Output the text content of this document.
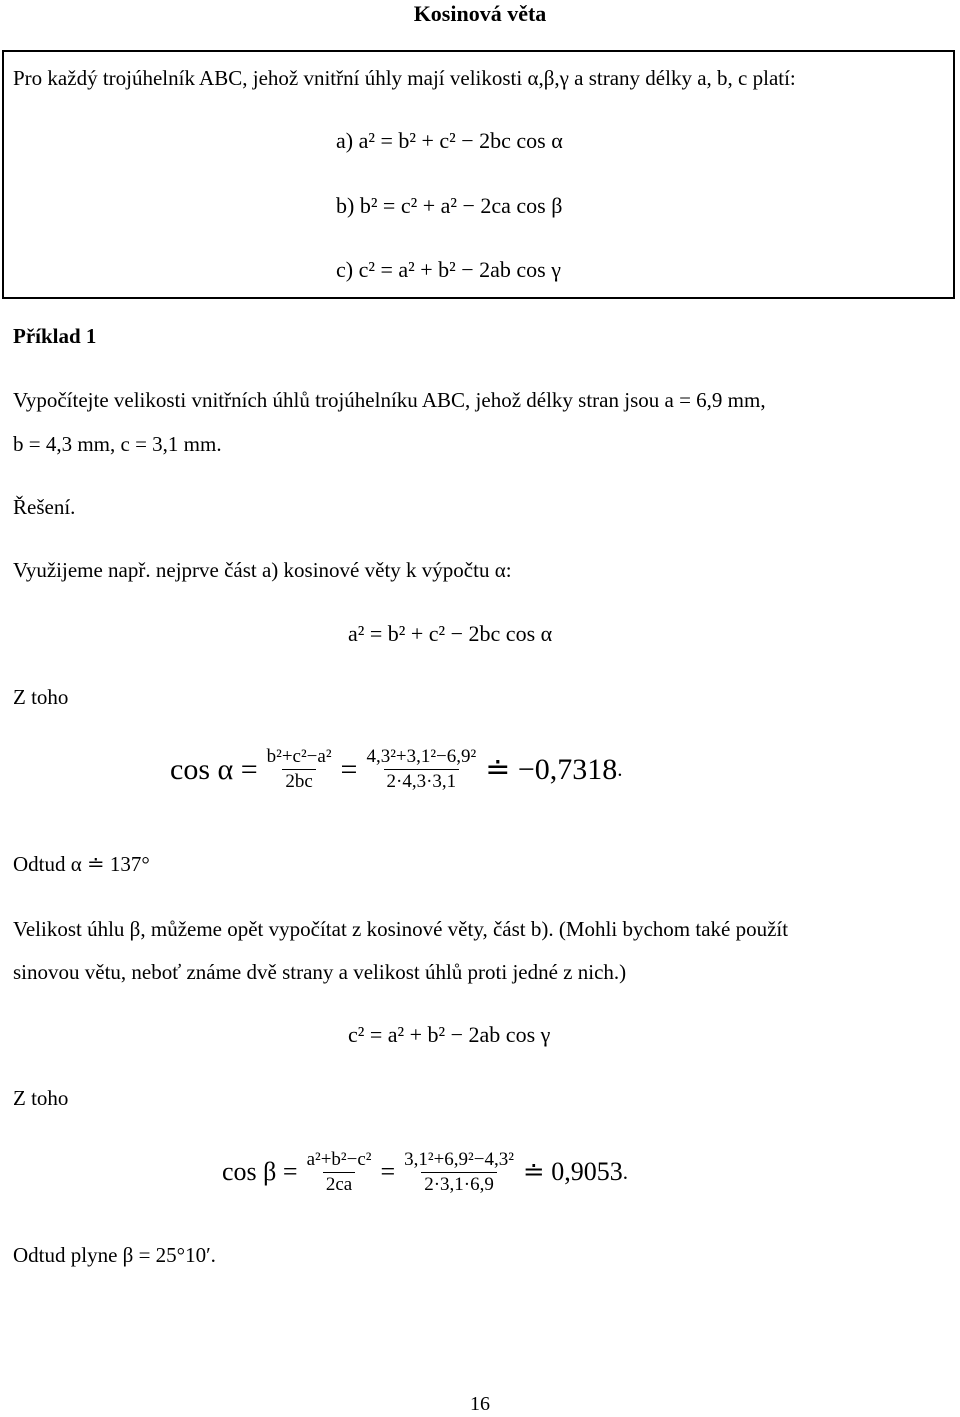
Kosinová věta
Pro každý trojúhelník ABC, jehož vnitřní úhly mají velikosti α,β,γ a strany délky a, b, c platí:
a) a² = b² + c² − 2bc cos α
b) b² = c² + a² − 2ca cos β
c) c² = a² + b² − 2ab cos γ
Příklad 1
Vypočítejte velikosti vnitřních úhlů trojúhelníku ABC, jehož délky stran jsou a = 6,9 mm,
b = 4,3 mm, c = 3,1 mm.
Řešení.
Využijeme např. nejprve část a) kosinové věty k výpočtu α:
a² = b² + c² − 2bc cos α
Z toho
$\cos \alpha = \frac{\text{b²+c²−a²}}{2bc} = \frac{\text{4,3²+3,1²−6,9²}}{2\cdot 4,3\cdot 3,1}$ ≐ −0,7318 .
Odtud α ≐ 137°
Velikost úhlu β, můžeme opět vypočítat z kosinové věty, část b). (Mohli bychom také použít
sinovou větu, neboť známe dvě strany a velikost úhlů proti jedné z nich.)
c² = a² + b² − 2ab cos γ
Z toho
$\cos \beta = \frac{\text{a²+b²−c²}}{2ca} = \frac{\text{3,1²+6,9²−4,3²}}{2\cdot 3,1\cdot 6,9}$ ≐ 0,9053 .
Odtud plyne β = 25°10′.
16
